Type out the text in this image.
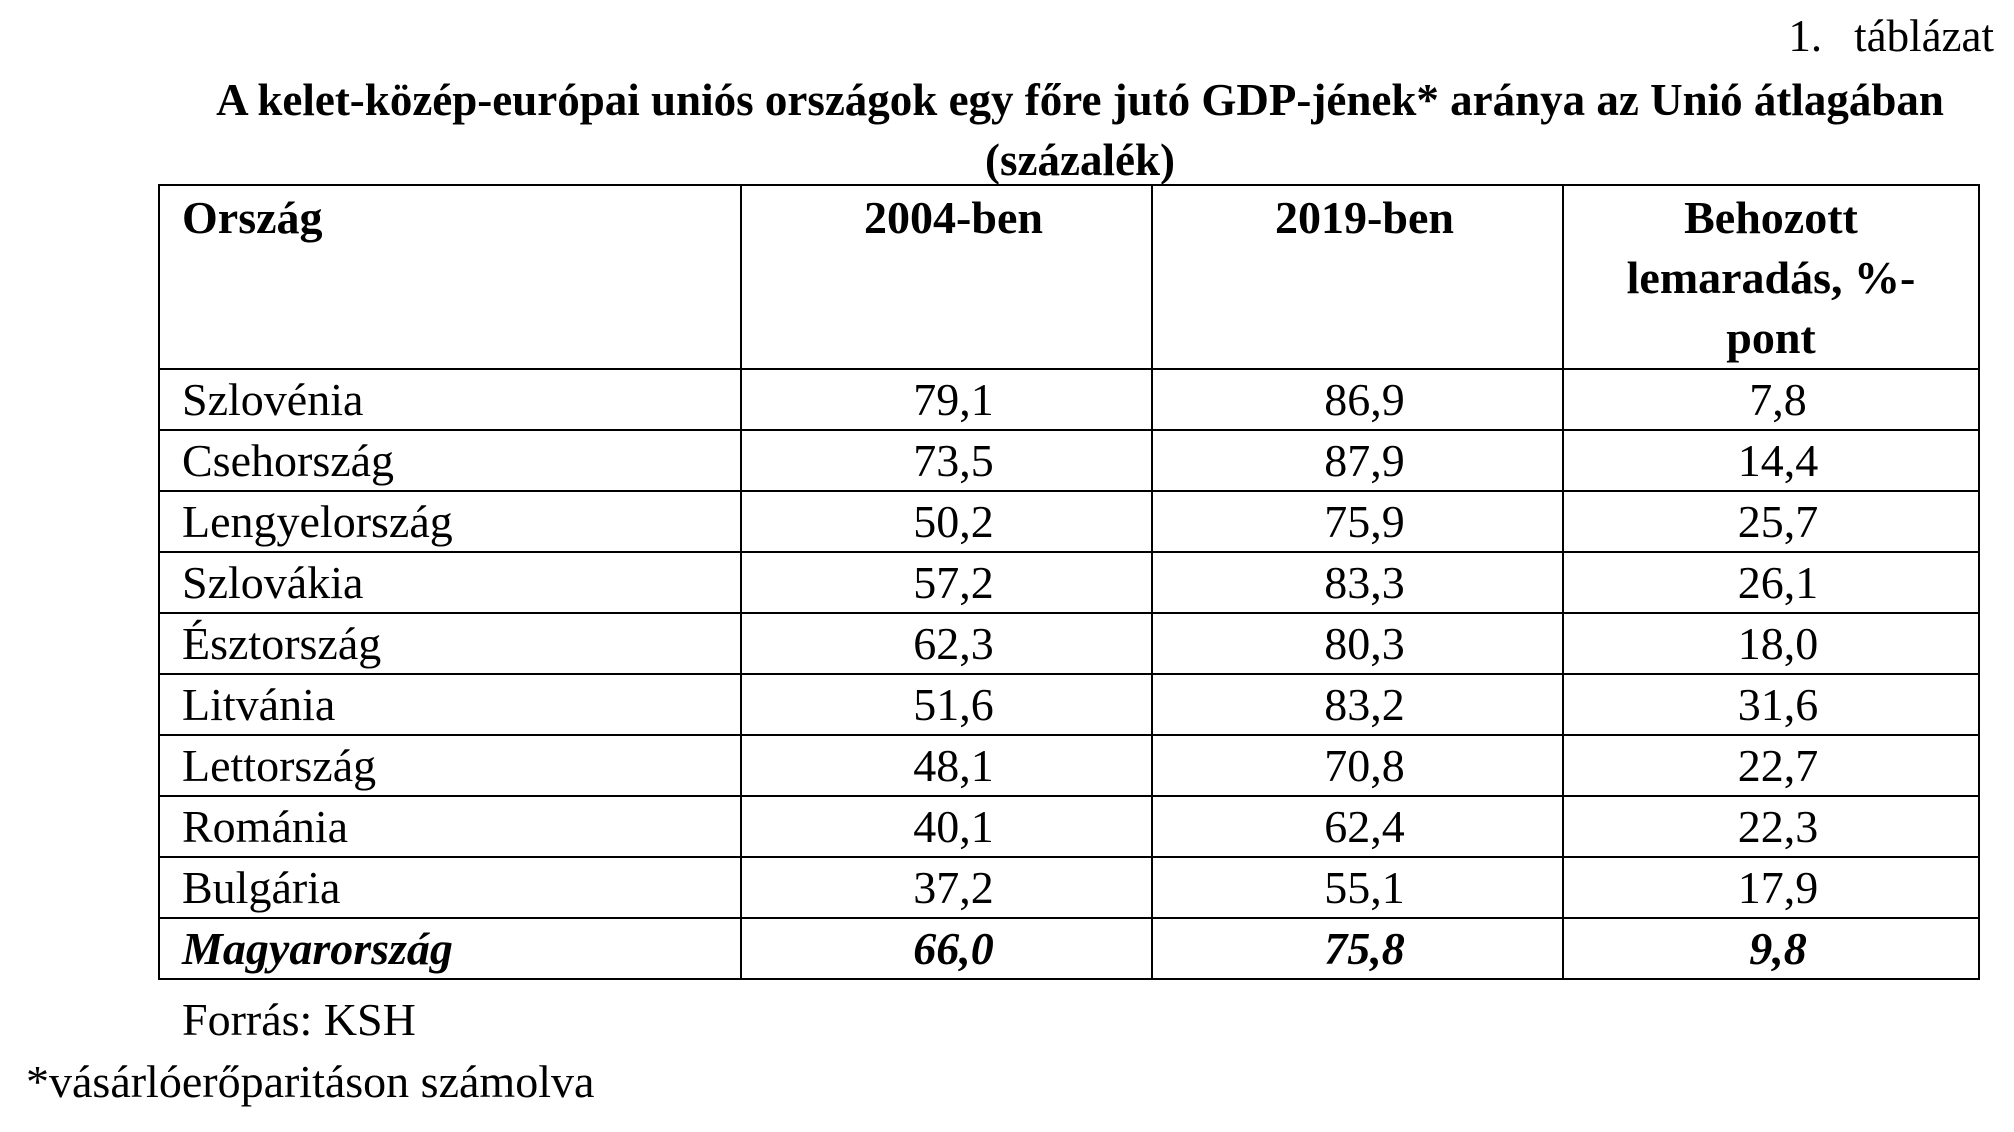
1. táblázat
A kelet-közép-európai uniós országok egy főre jutó GDP-jének* aránya az Unió átlagában (százalék)
Ország	2004-ben	2019-ben	Behozott lemaradás, %-pont
Szlovénia	79,1	86,9	7,8
Csehország	73,5	87,9	14,4
Lengyelország	50,2	75,9	25,7
Szlovákia	57,2	83,3	26,1
Észtország	62,3	80,3	18,0
Litvánia	51,6	83,2	31,6
Lettország	48,1	70,8	22,7
Románia	40,1	62,4	22,3
Bulgária	37,2	55,1	17,9
Magyarország	66,0	75,8	9,8
Forrás: KSH
*vásárlóerőparitáson számolva
